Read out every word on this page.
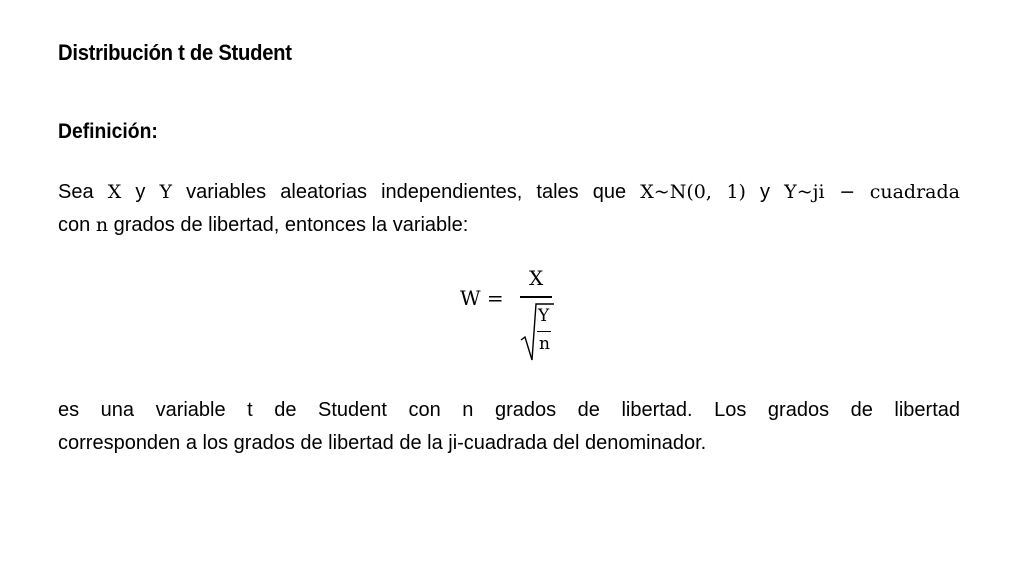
Distribución t de Student
Definición:
Sea X y Y variables aleatorias independientes, tales que X~N(0, 1) y Y~ji − cuadrada
con n grados de libertad, entonces la variable:
W =
X
Y
n
es una variable t de Student con n grados de libertad. Los grados de libertad
corresponden a los grados de libertad de la ji-cuadrada del denominador.
